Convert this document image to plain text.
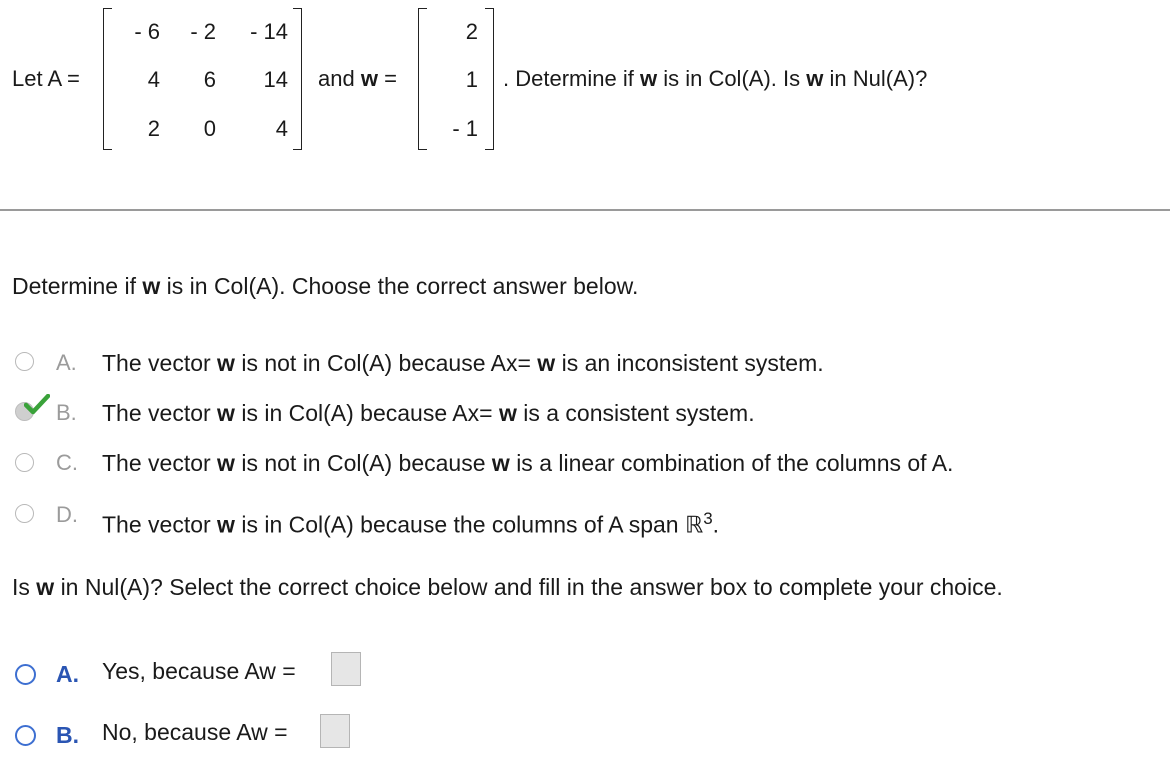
Let A =
- 6	- 2	- 14
4	6	14
2	0	4
and w =
2
1
- 1
. Determine if w is in Col(A). Is w in Nul(A)?
Determine if w is in Col(A). Choose the correct answer below.
A. The vector w is not in Col(A) because Ax= w is an inconsistent system.
B. The vector w is in Col(A) because Ax= w is a consistent system.
C. The vector w is not in Col(A) because w is a linear combination of the columns of A.
D. The vector w is in Col(A) because the columns of A span ℝ$^3$.
Is w in Nul(A)? Select the correct choice below and fill in the answer box to complete your choice.
A. Yes, because Aw =
B. No, because Aw =
